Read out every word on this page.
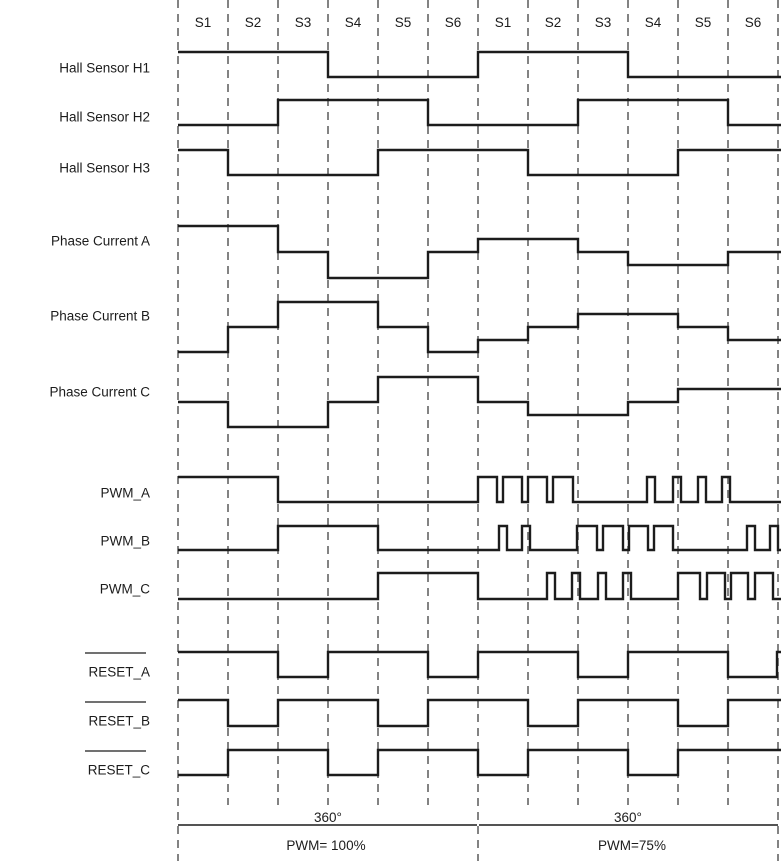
S1 S2 S3 S4 S5 S6 S1 S2 S3 S4 S5 S6
Hall Sensor H1
Hall Sensor H2
Hall Sensor H3
Phase Current A
Phase Current B
Phase Current C
PWM_A
PWM_B
PWM_C
RESET_A
RESET_B
RESET_C
360°	360°
PWM= 100%	PWM=75%
